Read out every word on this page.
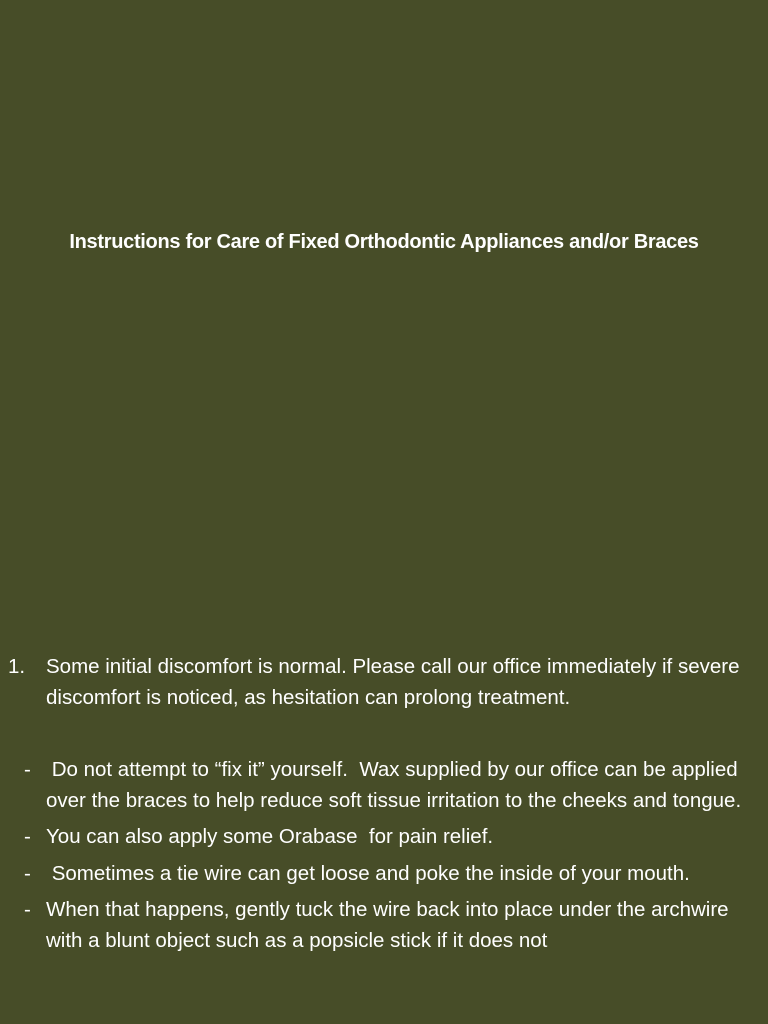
Instructions for Care of Fixed Orthodontic Appliances and/or Braces
1. Some initial discomfort is normal. Please call our office immediately if severe discomfort is noticed, as hesitation can prolong treatment.
- Do not attempt to “fix it” yourself.  Wax supplied by our office can be applied over the braces to help reduce soft tissue irritation to the cheeks and tongue.
- You can also apply some Orabase  for pain relief.
- Sometimes a tie wire can get loose and poke the inside of your mouth.
- When that happens, gently tuck the wire back into place under the archwire with a blunt object such as a popsicle stick if it does not
